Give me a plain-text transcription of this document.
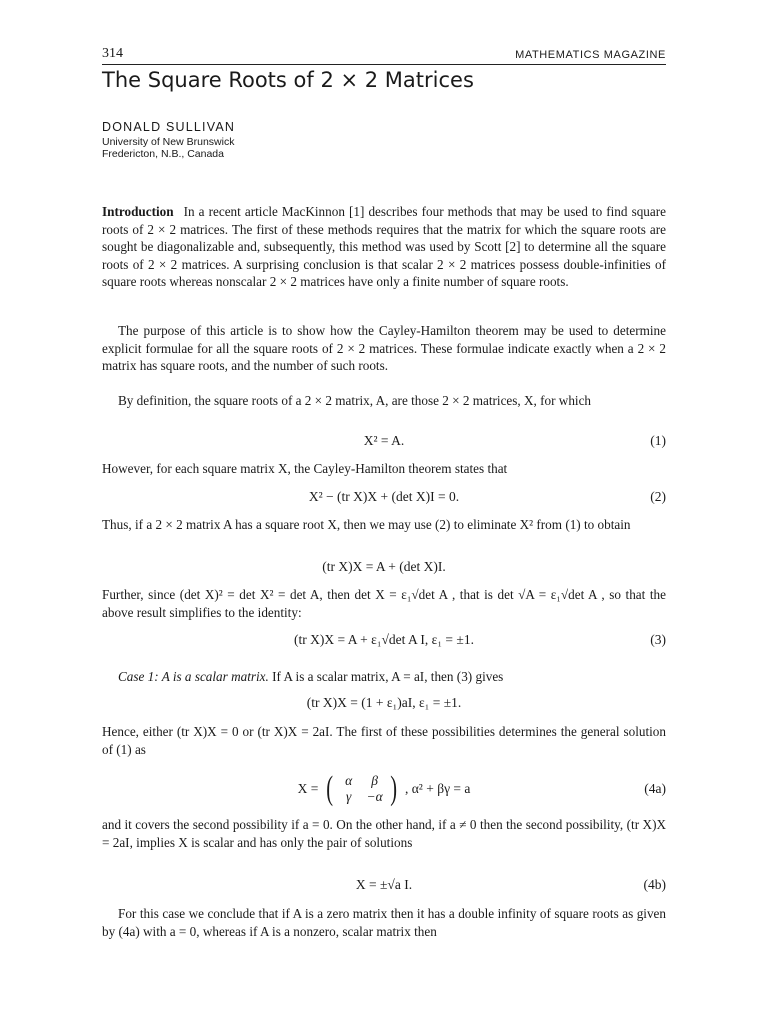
314	MATHEMATICS MAGAZINE
The Square Roots of 2 × 2 Matrices
DONALD SULLIVAN
University of New Brunswick
Fredericton, N.B., Canada

Introduction In a recent article MacKinnon [1] describes four methods that may be used to find square roots of 2 × 2 matrices. The first of these methods requires that the matrix for which the square roots are sought be diagonalizable and, subsequently, this method was used by Scott [2] to determine all the square roots of 2 × 2 matrices. A surprising conclusion is that scalar 2 × 2 matrices possess double-infinities of square roots whereas nonscalar 2 × 2 matrices have only a finite number of square roots.

The purpose of this article is to show how the Cayley-Hamilton theorem may be used to determine explicit formulae for all the square roots of 2 × 2 matrices. These formulae indicate exactly when a 2 × 2 matrix has square roots, and the number of such roots.

By definition, the square roots of a 2 × 2 matrix, A, are those 2 × 2 matrices, X, for which

X² = A.	(1)

However, for each square matrix X, the Cayley-Hamilton theorem states that

X² − (tr X)X + (det X)I = 0.	(2)

Thus, if a 2 × 2 matrix A has a square root X, then we may use (2) to eliminate X² from (1) to obtain

(tr X)X = A + (det X)I.

Further, since (det X)² = det X² = det A, then det X = ε₁√det A , that is det √A = ε₁√det A , so that the above result simplifies to the identity:

(tr X)X = A + ε₁√det A I, ε₁ = ±1.	(3)

Case 1: A is a scalar matrix. If A is a scalar matrix, A = aI, then (3) gives

(tr X)X = (1 + ε₁)aI, ε₁ = ±1.

Hence, either (tr X)X = 0 or (tr X)X = 2aI. The first of these possibilities determines the general solution of (1) as

X = ( α	β
γ	−α ) , α² + βγ = a	(4a)

and it covers the second possibility if a = 0. On the other hand, if a ≠ 0 then the second possibility, (tr X)X = 2aI, implies X is scalar and has only the pair of solutions

X = ±√a I.	(4b)

For this case we conclude that if A is a zero matrix then it has a double infinity of square roots as given by (4a) with a = 0, whereas if A is a nonzero, scalar matrix then
